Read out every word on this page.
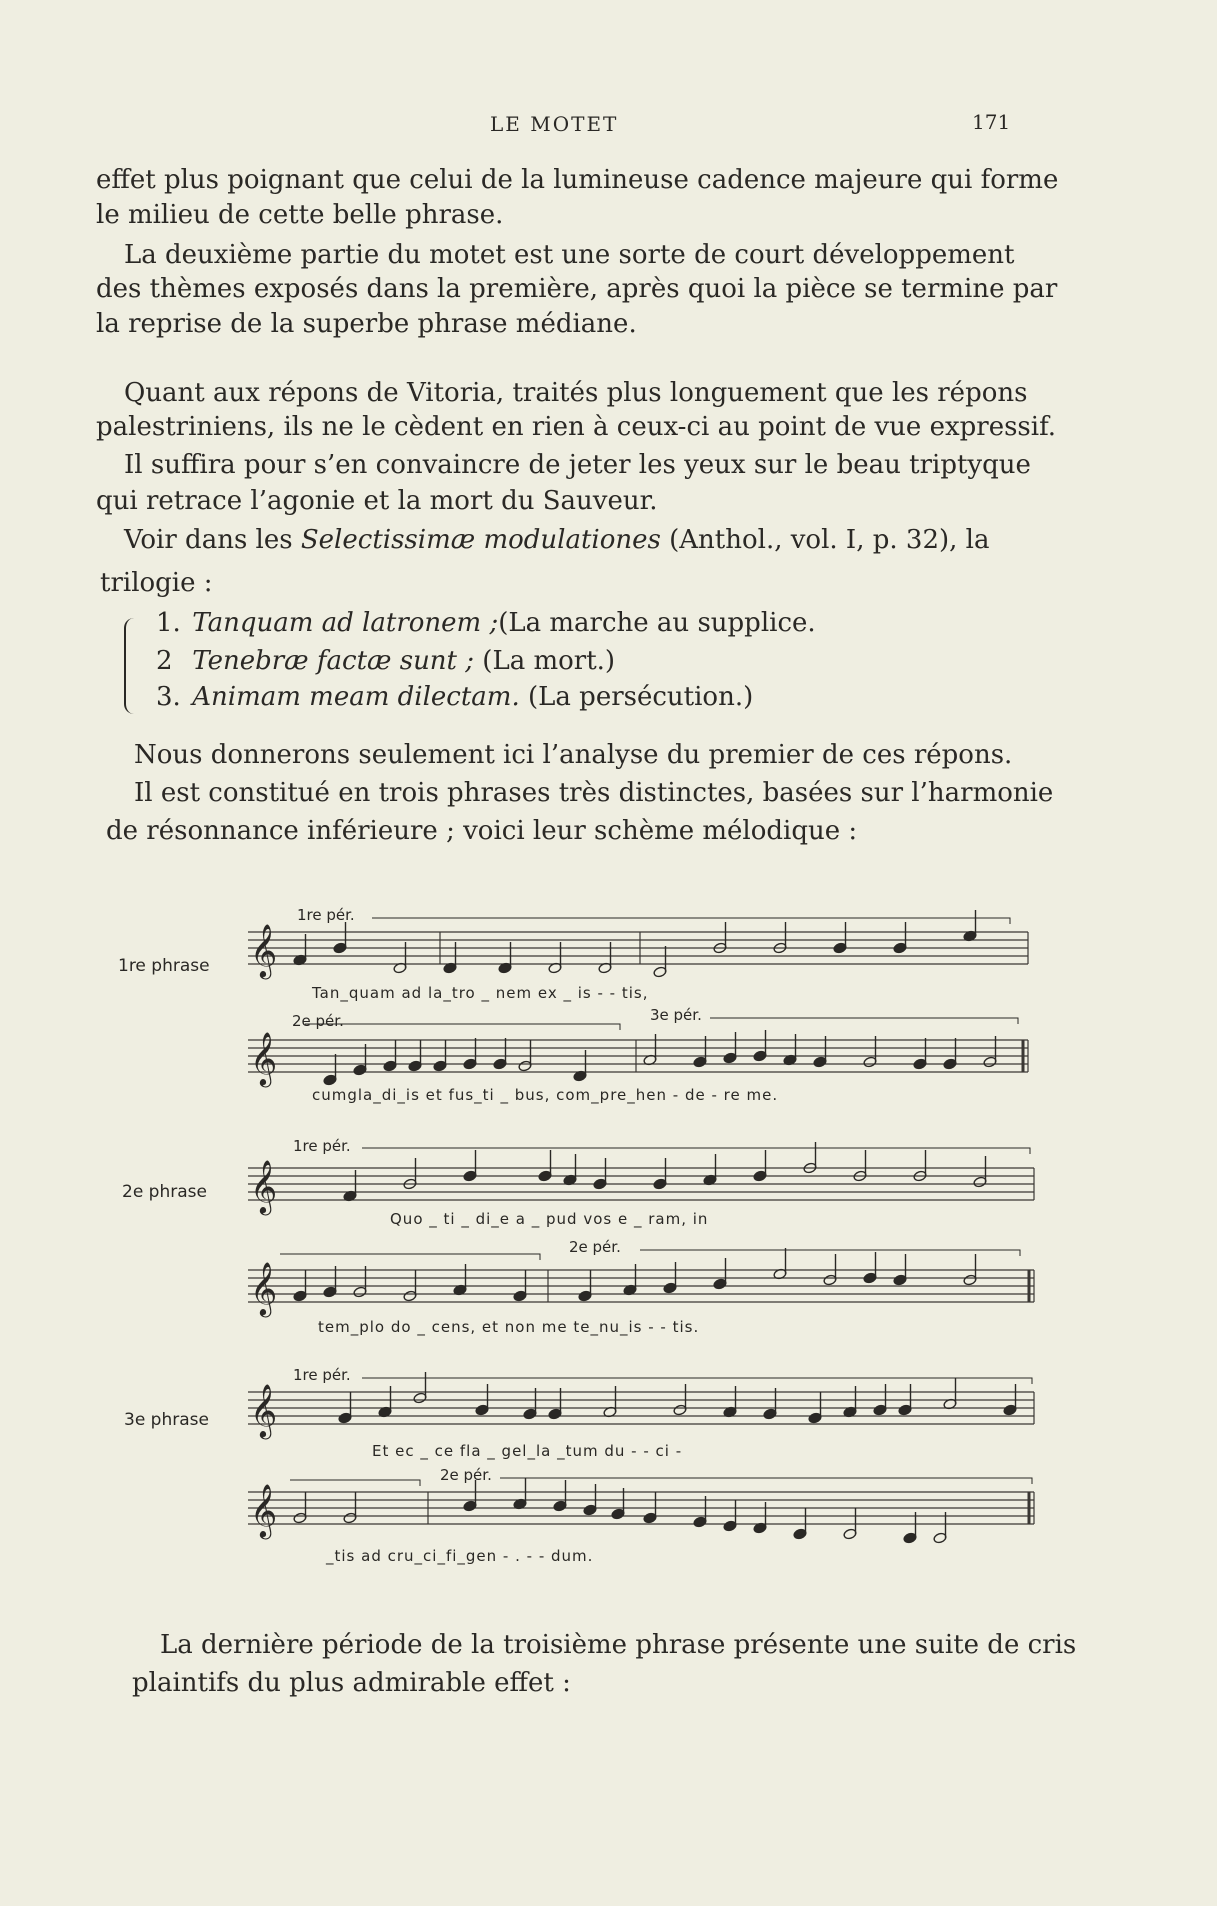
LE MOTET	171
effet plus poignant que celui de la lumineuse cadence majeure qui forme
le milieu de cette belle phrase.
La deuxième partie du motet est une sorte de court développement
des thèmes exposés dans la première, après quoi la pièce se termine par
la reprise de la superbe phrase médiane.
Quant aux répons de Vitoria, traités plus longuement que les répons
palestriniens, ils ne le cèdent en rien à ceux-ci au point de vue expressif.
Il suffira pour s’en convaincre de jeter les yeux sur le beau triptyque
qui retrace l’agonie et la mort du Sauveur.
Voir dans les Selectissimæ modulationes (Anthol., vol. I, p. 32), la
trilogie :
1. Tanquam ad latronem ;(La marche au supplice.
2 Tenebræ factæ sunt ; (La mort.)
3. Animam meam dilectam. (La persécution.)
Nous donnerons seulement ici l’analyse du premier de ces répons.
Il est constitué en trois phrases très distinctes, basées sur l’harmonie
de résonnance inférieure ; voici leur schème mélodique :
𝄞
𝄞
𝄞
𝄞
𝄞
𝄞
1re phrase
2e phrase
3e phrase
1re pér.
2e pér.	3e pér.
1re pér.
2e pér.
1re pér.
2e pér.
Tan_quam ad la_tro _ nem ex _ is - - tis,
cumgla_di_is et fus_ti _ bus, com_pre_hen - de - re me.
Quo _ ti _ di_e a _ pud vos e _ ram, in
tem_plo do _ cens, et non me te_nu_is - - tis.
Et ec _ ce fla _ gel_la _tum du - - ci -
_tis ad cru_ci_fi_gen - . - - dum.
La dernière période de la troisième phrase présente une suite de cris
plaintifs du plus admirable effet :
